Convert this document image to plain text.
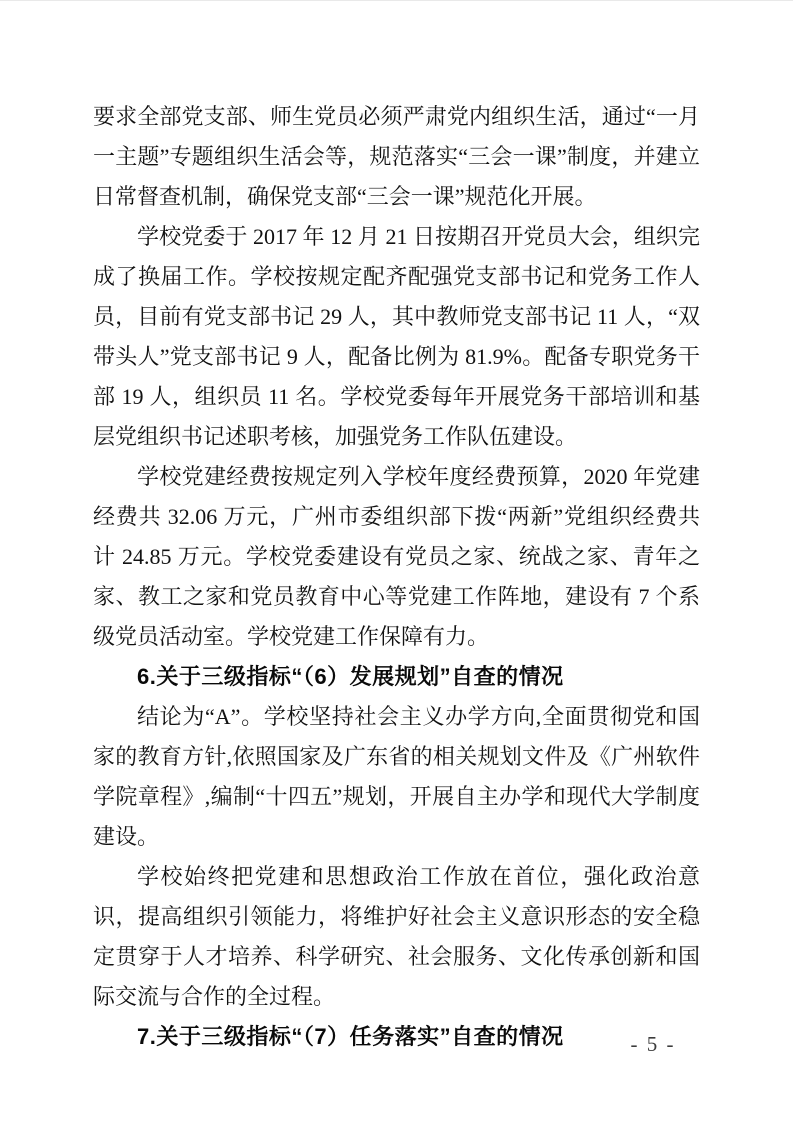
要求全部党支部、师生党员必须严肃党内组织生活，通过“一月一主题”专题组织生活会等，规范落实“三会一课”制度，并建立日常督查机制，确保党支部“三会一课”规范化开展。

学校党委于 2017 年 12 月 21 日按期召开党员大会，组织完成了换届工作。学校按规定配齐配强党支部书记和党务工作人员，目前有党支部书记 29 人，其中教师党支部书记 11 人，“双带头人”党支部书记 9 人，配备比例为 81.9%。配备专职党务干部 19 人，组织员 11 名。学校党委每年开展党务干部培训和基层党组织书记述职考核，加强党务工作队伍建设。

学校党建经费按规定列入学校年度经费预算，2020 年党建经费共 32.06 万元，广州市委组织部下拨“两新”党组织经费共计 24.85 万元。学校党委建设有党员之家、统战之家、青年之家、教工之家和党员教育中心等党建工作阵地，建设有 7 个系级党员活动室。学校党建工作保障有力。

6.关于三级指标“（6）发展规划”自查的情况

结论为“A”。学校坚持社会主义办学方向,全面贯彻党和国家的教育方针,依照国家及广东省的相关规划文件及《广州软件学院章程》,编制“十四五”规划，开展自主办学和现代大学制度建设。

学校始终把党建和思想政治工作放在首位，强化政治意识，提高组织引领能力，将维护好社会主义意识形态的安全稳定贯穿于人才培养、科学研究、社会服务、文化传承创新和国际交流与合作的全过程。

7.关于三级指标“（7）任务落实”自查的情况	- 5 -
